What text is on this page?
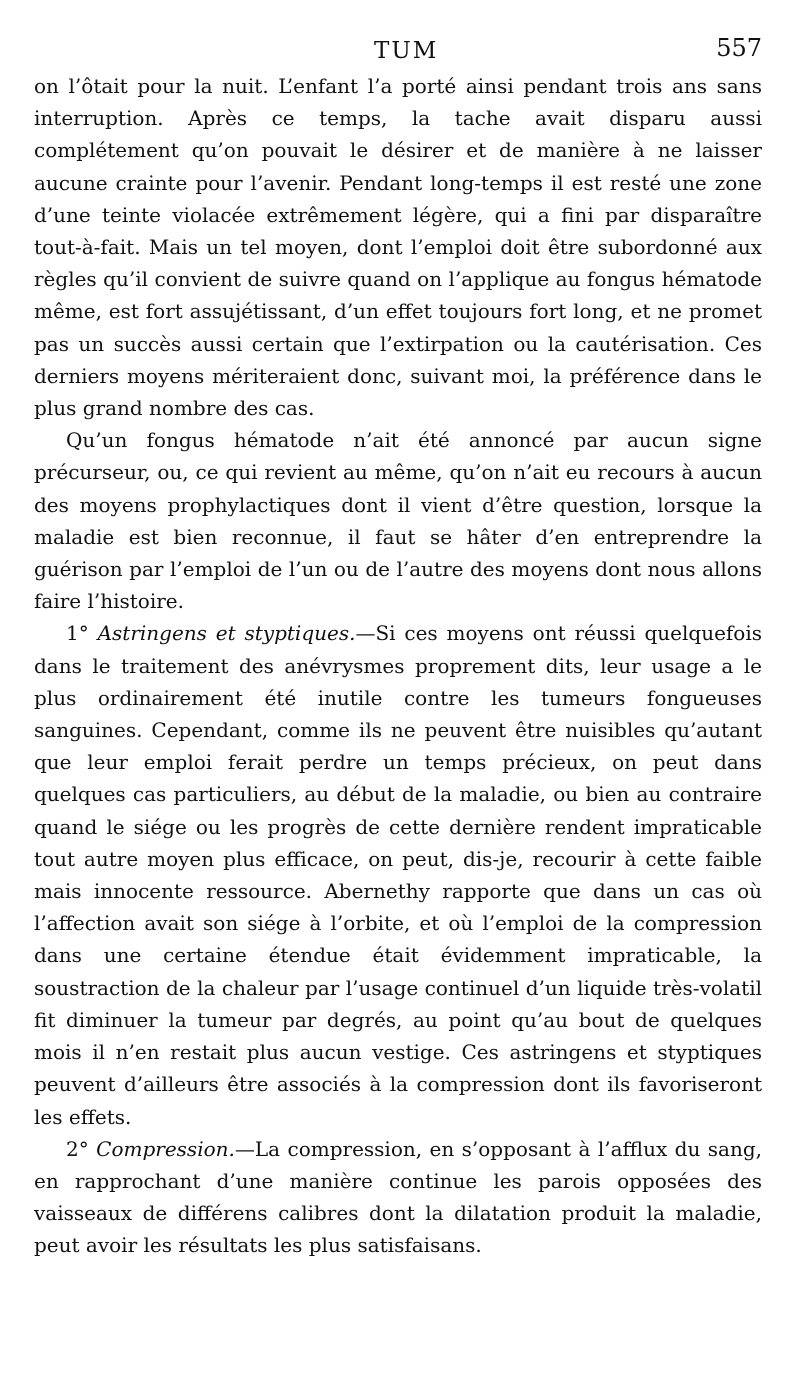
TUM	557

on l’ôtait pour la nuit. L’enfant l’a porté ainsi pendant trois ans sans interruption. Après ce temps, la tache avait disparu aussi complétement qu’on pouvait le désirer et de manière à ne laisser aucune crainte pour l’avenir. Pendant long-temps il est resté une zone d’une teinte violacée extrêmement légère, qui a fini par disparaître tout-à-fait. Mais un tel moyen, dont l’emploi doit être subordonné aux règles qu’il convient de suivre quand on l’applique au fongus hématode même, est fort assujétissant, d’un effet toujours fort long, et ne promet pas un succès aussi certain que l’extirpation ou la cautérisation. Ces derniers moyens mériteraient donc, suivant moi, la préférence dans le plus grand nombre des cas.

Qu’un fongus hématode n’ait été annoncé par aucun signe précurseur, ou, ce qui revient au même, qu’on n’ait eu recours à aucun des moyens prophylactiques dont il vient d’être question, lorsque la maladie est bien reconnue, il faut se hâter d’en entreprendre la guérison par l’emploi de l’un ou de l’autre des moyens dont nous allons faire l’histoire.

1° Astringens et styptiques.—Si ces moyens ont réussi quelquefois dans le traitement des anévrysmes proprement dits, leur usage a le plus ordinairement été inutile contre les tumeurs fongueuses sanguines. Cependant, comme ils ne peuvent être nuisibles qu’autant que leur emploi ferait perdre un temps précieux, on peut dans quelques cas particuliers, au début de la maladie, ou bien au contraire quand le siége ou les progrès de cette dernière rendent impraticable tout autre moyen plus efficace, on peut, dis-je, recourir à cette faible mais innocente ressource. Abernethy rapporte que dans un cas où l’affection avait son siége à l’orbite, et où l’emploi de la compression dans une certaine étendue était évidemment impraticable, la soustraction de la chaleur par l’usage continuel d’un liquide très-volatil fit diminuer la tumeur par degrés, au point qu’au bout de quelques mois il n’en restait plus aucun vestige. Ces astringens et styptiques peuvent d’ailleurs être associés à la compression dont ils favoriseront les effets.

2° Compression.—La compression, en s’opposant à l’afflux du sang, en rapprochant d’une manière continue les parois opposées des vaisseaux de différens calibres dont la dilatation produit la maladie, peut avoir les résultats les plus satisfaisans.
